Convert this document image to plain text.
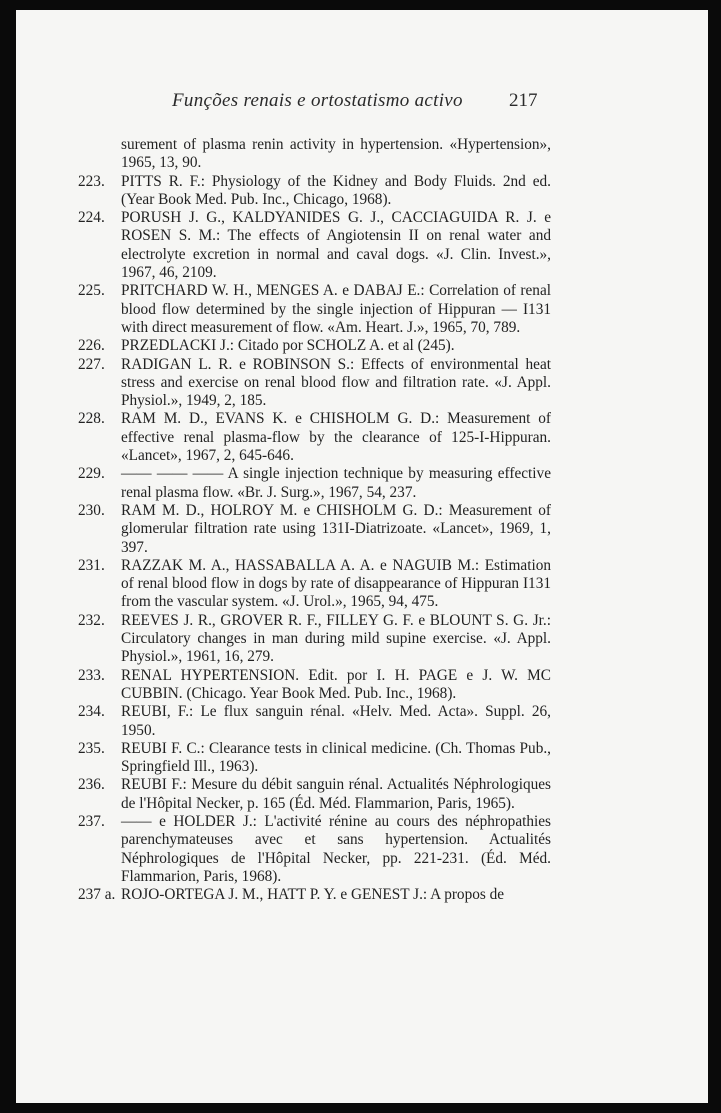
Funções renais e ortostatismo activo 217

surement of plasma renin activity in hypertension. «Hypertension», 1965, 13, 90.

223. PITTS R. F.: Physiology of the Kidney and Body Fluids. 2nd ed. (Year Book Med. Pub. Inc., Chicago, 1968).

224. PORUSH J. G., KALDYANIDES G. J., CACCIAGUIDA R. J. e ROSEN S. M.: The effects of Angiotensin II on renal water and electrolyte excretion in normal and caval dogs. «J. Clin. Invest.», 1967, 46, 2109.

225. PRITCHARD W. H., MENGES A. e DABAJ E.: Correlation of renal blood flow determined by the single injection of Hippuran — I131 with direct measurement of flow. «Am. Heart. J.», 1965, 70, 789.

226. PRZEDLACKI J.: Citado por SCHOLZ A. et al (245).

227. RADIGAN L. R. e ROBINSON S.: Effects of environmental heat stress and exercise on renal blood flow and filtration rate. «J. Appl. Physiol.», 1949, 2, 185.

228. RAM M. D., EVANS K. e CHISHOLM G. D.: Measurement of effective renal plasma-flow by the clearance of 125-I-Hippuran. «Lancet», 1967, 2, 645-646.

229. —— —— —— A single injection technique by measuring effective renal plasma flow. «Br. J. Surg.», 1967, 54, 237.

230. RAM M. D., HOLROY M. e CHISHOLM G. D.: Measurement of glomerular filtration rate using 131I-Diatrizoate. «Lancet», 1969, 1, 397.

231. RAZZAK M. A., HASSABALLA A. A. e NAGUIB M.: Estimation of renal blood flow in dogs by rate of disappearance of Hippuran I131 from the vascular system. «J. Urol.», 1965, 94, 475.

232. REEVES J. R., GROVER R. F., FILLEY G. F. e BLOUNT S. G. Jr.: Circulatory changes in man during mild supine exercise. «J. Appl. Physiol.», 1961, 16, 279.

233. RENAL HYPERTENSION. Edit. por I. H. PAGE e J. W. MC CUBBIN. (Chicago. Year Book Med. Pub. Inc., 1968).

234. REUBI, F.: Le flux sanguin rénal. «Helv. Med. Acta». Suppl. 26, 1950.

235. REUBI F. C.: Clearance tests in clinical medicine. (Ch. Thomas Pub., Springfield Ill., 1963).

236. REUBI F.: Mesure du débit sanguin rénal. Actualités Néphrologiques de l'Hôpital Necker, p. 165 (Éd. Méd. Flammarion, Paris, 1965).

237. —— e HOLDER J.: L'activité rénine au cours des néphropathies parenchymateuses avec et sans hypertension. Actualités Néphrologiques de l'Hôpital Necker, pp. 221-231. (Éd. Méd. Flammarion, Paris, 1968).

237 a. ROJO-ORTEGA J. M., HATT P. Y. e GENEST J.: A propos de
